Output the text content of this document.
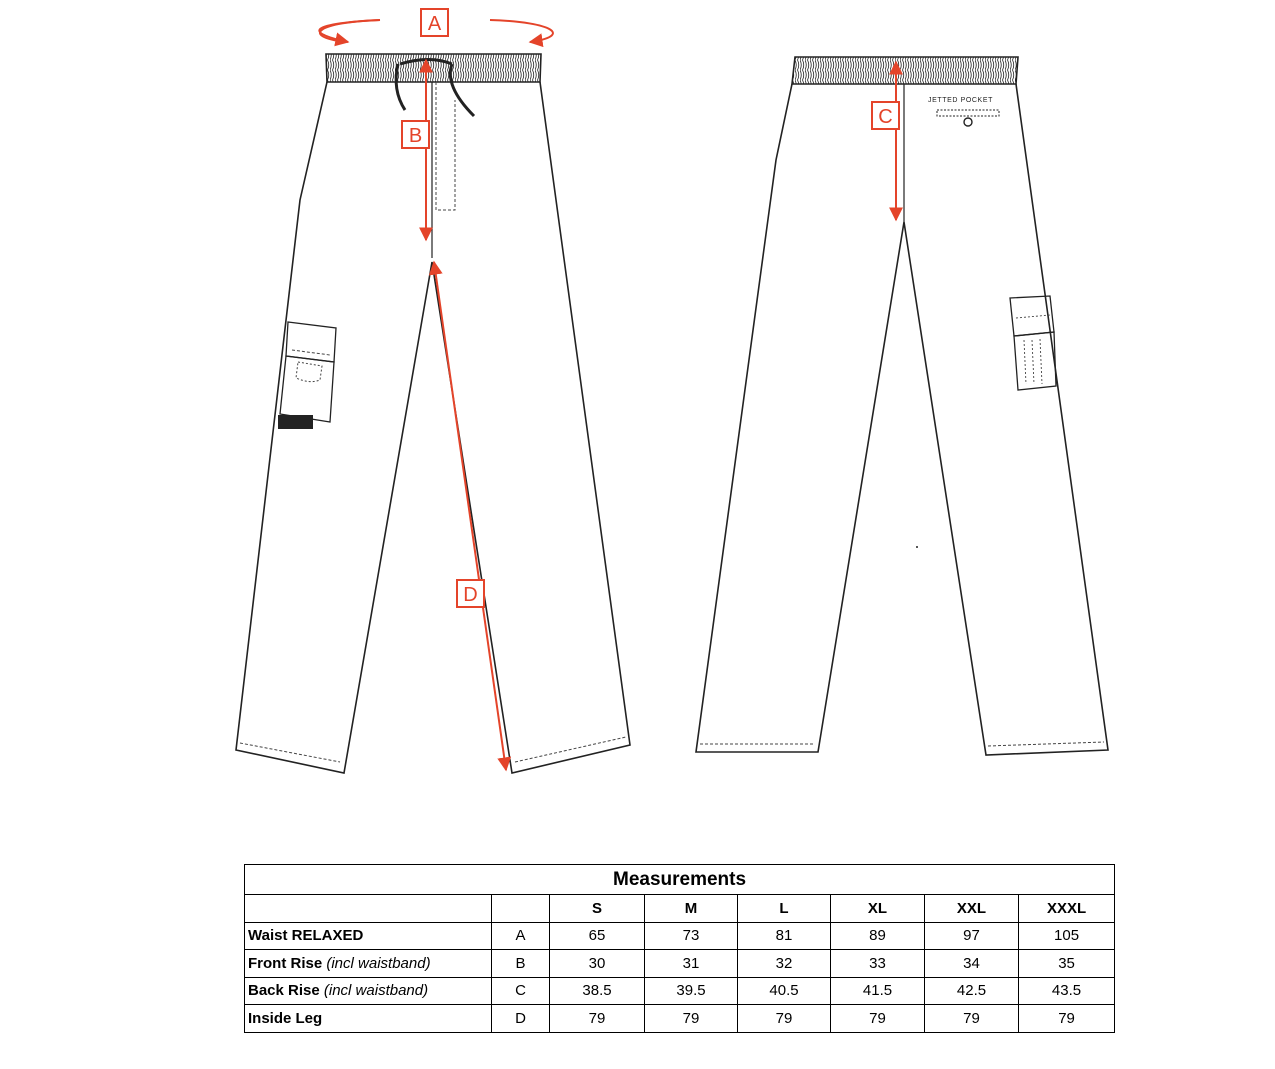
JETTED POCKET
A
B
C
D
Measurements							
		S	M	L	XL	XXL	XXXL
Waist RELAXED	A	65	73	81	89	97	105
Front Rise (incl waistband)	B	30	31	32	33	34	35
Back Rise (incl waistband)	C	38.5	39.5	40.5	41.5	42.5	43.5
Inside Leg	D	79	79	79	79	79	79
